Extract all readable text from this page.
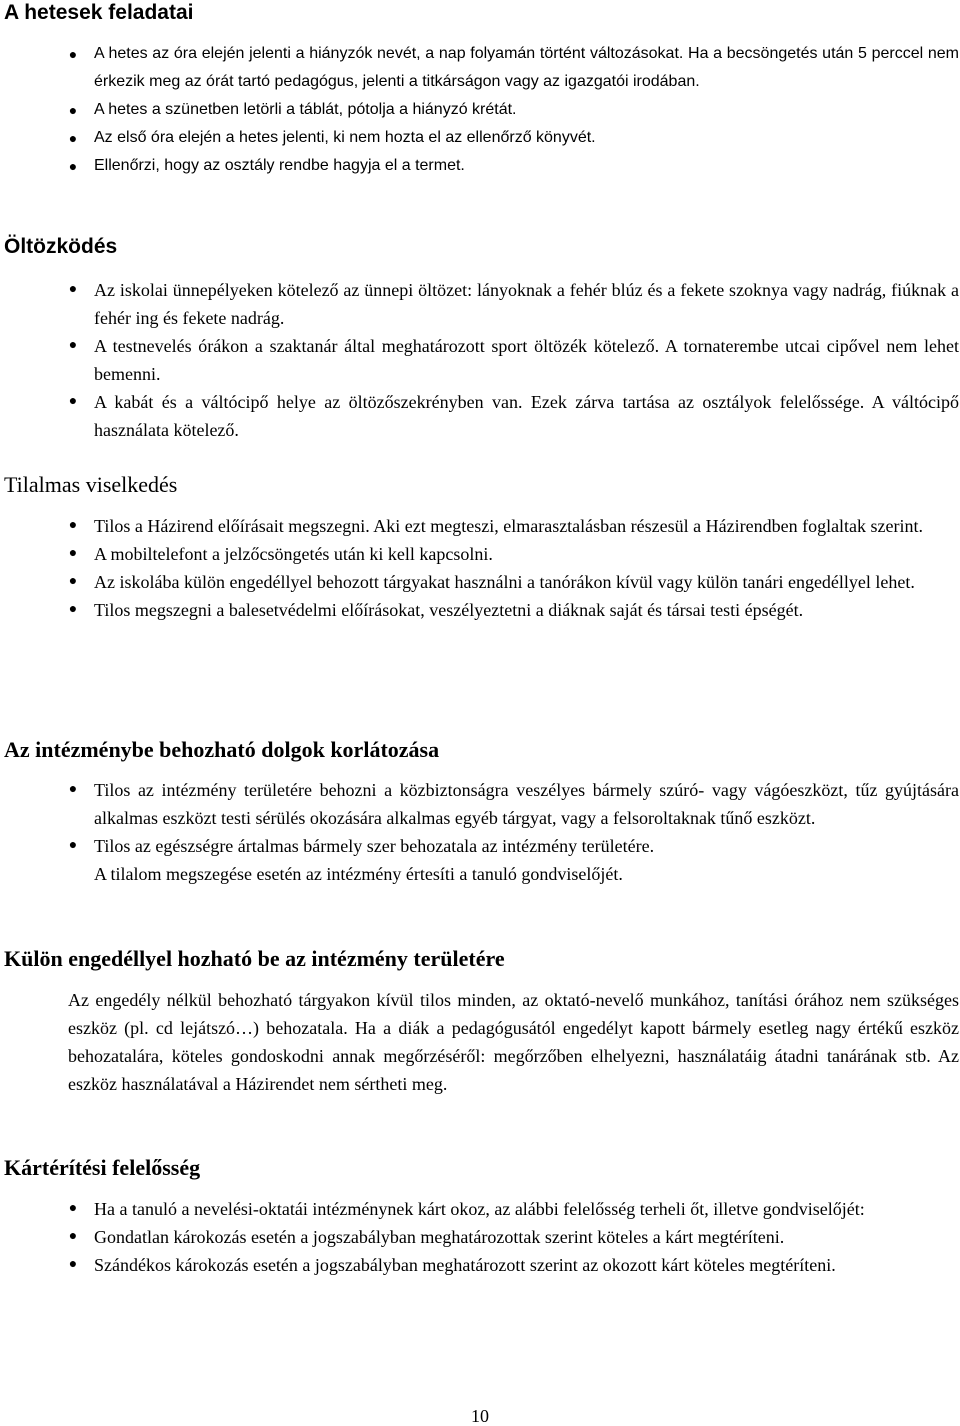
A hetesek feladatai
● A hetes az óra elején jelenti a hiányzók nevét, a nap folyamán történt változásokat. Ha a becsöngetés után 5 perccel nem érkezik meg az órát tartó pedagógus, jelenti a titkárságon vagy az igazgatói irodában.
● A hetes a szünetben letörli a táblát, pótolja a hiányzó krétát.
● Az első óra elején a hetes jelenti, ki nem hozta el az ellenőrző könyvét.
● Ellenőrzi, hogy az osztály rendbe hagyja el a termet.
Öltözködés
● Az iskolai ünnepélyeken kötelező az ünnepi öltözet: lányoknak a fehér blúz és a fekete szoknya vagy nadrág, fiúknak a fehér ing és fekete nadrág.
● A testnevelés órákon a szaktanár által meghatározott sport öltözék kötelező. A tornaterembe utcai cipővel nem lehet bemenni.
● A kabát és a váltócipő helye az öltözőszekrényben van. Ezek zárva tartása az osztályok felelőssége. A váltócipő használata kötelező.
Tilalmas viselkedés
● Tilos a Házirend előírásait megszegni. Aki ezt megteszi, elmarasztalásban részesül a Házirendben foglaltak szerint.
● A mobiltelefont a jelzőcsöngetés után ki kell kapcsolni.
● Az iskolába külön engedéllyel behozott tárgyakat használni a tanórákon kívül vagy külön tanári engedéllyel lehet.
● Tilos megszegni a balesetvédelmi előírásokat, veszélyeztetni a diáknak saját és társai testi épségét.
Az intézménybe behozható dolgok korlátozása
● Tilos az intézmény területére behozni a közbiztonságra veszélyes bármely szúró- vagy vágóeszközt, tűz gyújtására alkalmas eszközt testi sérülés okozására alkalmas egyéb tárgyat, vagy a felsoroltaknak tűnő eszközt.
● Tilos az egészségre ártalmas bármely szer behozatala az intézmény területére.
A tilalom megszegése esetén az intézmény értesíti a tanuló gondviselőjét.
Külön engedéllyel hozható be az intézmény területére
Az engedély nélkül behozható tárgyakon kívül tilos minden, az oktató-nevelő munkához, tanítási órához nem szükséges eszköz (pl. cd lejátszó…) behozatala. Ha a diák a pedagógusától engedélyt kapott bármely esetleg nagy értékű eszköz behozatalára, köteles gondoskodni annak megőrzéséről: megőrzőben elhelyezni, használatáig átadni tanárának stb. Az eszköz használatával a Házirendet nem sértheti meg.
Kártérítési felelősség
● Ha a tanuló a nevelési-oktatái intézménynek kárt okoz, az alábbi felelősség terheli őt, illetve gondviselőjét:
● Gondatlan károkozás esetén a jogszabályban meghatározottak szerint köteles a kárt megtéríteni.
● Szándékos károkozás esetén a jogszabályban meghatározott szerint az okozott kárt köteles megtéríteni.
10
